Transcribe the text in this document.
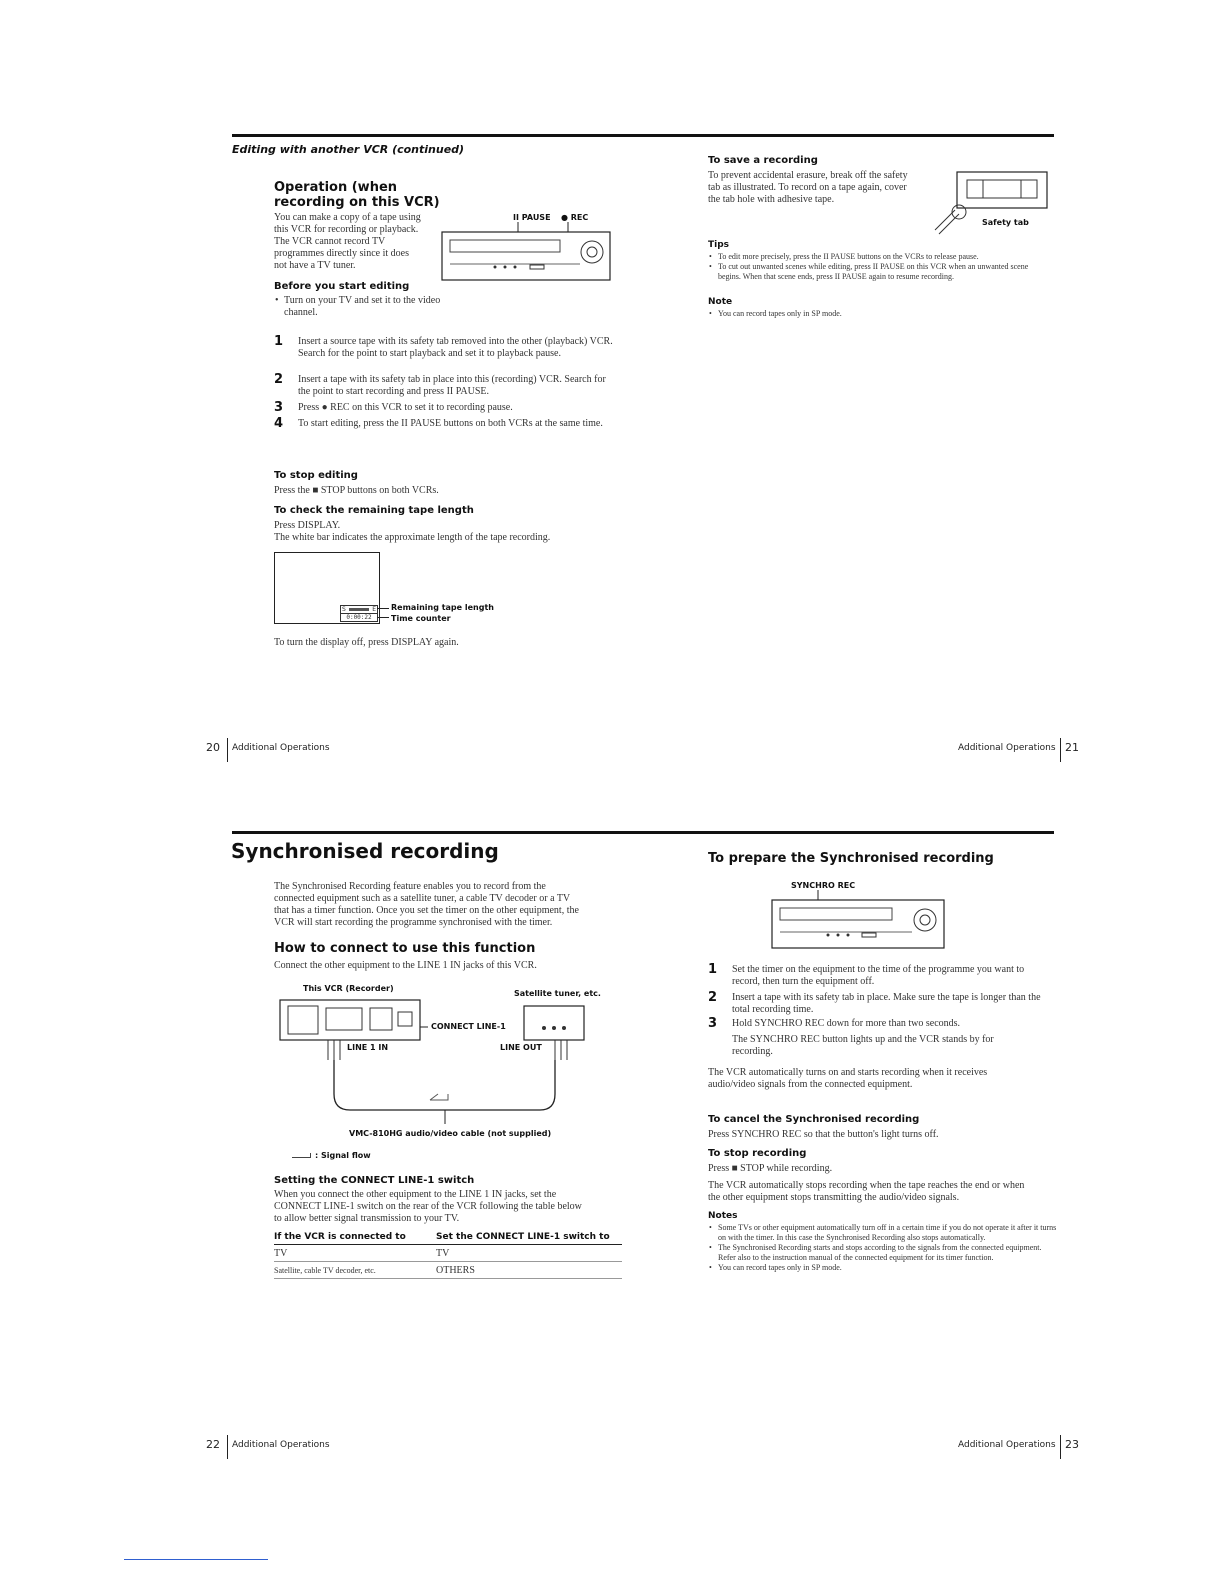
Editing with another VCR (continued)
Operation (when
recording on this VCR)
You can make a copy of a tape using
this VCR for recording or playback.
The VCR cannot record TV
programmes directly since it does
not have a TV tuner.
II PAUSE ● REC
Before you start editing
• Turn on your TV and set it to the video channel.
1 Insert a source tape with its safety tab removed into the other (playback) VCR. Search for the point to start playback and set it to playback pause.
2 Insert a tape with its safety tab in place into this (recording) VCR. Search for the point to start recording and press II PAUSE.
3 Press ● REC on this VCR to set it to recording pause.
4 To start editing, press the II PAUSE buttons on both VCRs at the same time.
To stop editing
Press the ■ STOP buttons on both VCRs.
To check the remaining tape length
Press DISPLAY.
The white bar indicates the approximate length of the tape recording.
S	E
0:00:22
Remaining tape length
Time counter
To turn the display off, press DISPLAY again.
To save a recording
To prevent accidental erasure, break off the safety
tab as illustrated. To record on a tape again, cover
the tab hole with adhesive tape.
Safety tab
Tips
• To edit more precisely, press the II PAUSE buttons on the VCRs to release pause.
• To cut out unwanted scenes while editing, press II PAUSE on this VCR when an unwanted scene begins. When that scene ends, press II PAUSE again to resume recording.
Note
• You can record tapes only in SP mode.
20 Additional Operations	Additional Operations 21
Synchronised recording
The Synchronised Recording feature enables you to record from the
connected equipment such as a satellite tuner, a cable TV decoder or a TV
that has a timer function. Once you set the timer on the other equipment, the
VCR will start recording the programme synchronised with the timer.
How to connect to use this function
Connect the other equipment to the LINE 1 IN jacks of this VCR.
This VCR (Recorder)
Satellite tuner, etc.
CONNECT LINE-1
LINE 1 IN	LINE OUT
VMC-810HG audio/video cable (not supplied)
: Signal flow
Setting the CONNECT LINE-1 switch
When you connect the other equipment to the LINE 1 IN jacks, set the
CONNECT LINE-1 switch on the rear of the VCR following the table below
to allow better signal transmission to your TV.
If the VCR is connected to	Set the CONNECT LINE-1 switch to
TV	TV
Satellite, cable TV decoder, etc.	OTHERS
To prepare the Synchronised recording
SYNCHRO REC
1 Set the timer on the equipment to the time of the programme you want to record, then turn the equipment off.
2 Insert a tape with its safety tab in place. Make sure the tape is longer than the total recording time.
3 Hold SYNCHRO REC down for more than two seconds.
The SYNCHRO REC button lights up and the VCR stands by for recording.
The VCR automatically turns on and starts recording when it receives audio/video signals from the connected equipment.
To cancel the Synchronised recording
Press SYNCHRO REC so that the button's light turns off.
To stop recording
Press ■ STOP while recording.
The VCR automatically stops recording when the tape reaches the end or when the other equipment stops transmitting the audio/video signals.
Notes
• Some TVs or other equipment automatically turn off in a certain time if you do not operate it after it turns on with the timer. In this case the Synchronised Recording also stops automatically.
• The Synchronised Recording starts and stops according to the signals from the connected equipment. Refer also to the instruction manual of the connected equipment for its timer function.
• You can record tapes only in SP mode.
22 Additional Operations	Additional Operations 23
